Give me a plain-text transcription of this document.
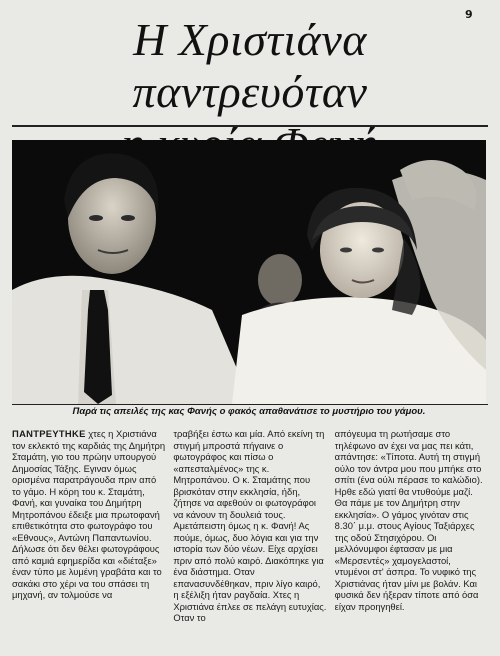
9
Η Χριστιάνα παντρευόταν
Παρά τις απειλές της κας Φανής ο φακός απαθανάτισε το μυστήριο του γάμου.

ΠΑΝΤΡΕΥΤΗΚΕ χτες η Χριστιάνα τον εκλεκτό της καρδιάς της Δημήτρη Σταμάτη, γιο του πρώην υπουργού Δημοσίας Τάξης. Εγιναν όμως ορισμένα παρατράγουδα πριν από το γάμο. Η κόρη του κ. Σταμάτη, Φανή, και γυναίκα του Δημήτρη Μητροπάνου έδειξε μια πρωτοφανή επιθετικότητα στο φωτογράφο του «Εθνους», Αντώνη Παπαντωνίου. Δήλωσε ότι δεν θέλει φωτογράφους από καμιά εφημερίδα και «διέταξε» έναν τύπο με λυμένη γραβάτα και το σακάκι στο χέρι να του σπάσει τη μηχανή, αν τολμούσε να

τραβήξει έστω και μία. Από εκείνη τη στιγμή μπροστά πήγαινε ο φωτογράφος και πίσω ο «απεσταλμένος» της κ. Μητροπάνου. Ο κ. Σταμάτης που βρισκόταν στην εκκλησία, ήδη, ζήτησε να αφεθούν οι φωτογράφοι να κάνουν τη δουλειά τους. Αμετάπειστη όμως η κ. Φανή! Ας πούμε, όμως, δυο λόγια και για την ιστορία των δύο νέων. Είχε αρχίσει πριν από πολύ καιρό. Διακόπηκε για ένα διάστημα. Οταν επανασυνδέθηκαν, πριν λίγο καιρό, η εξέλιξη ήταν ραγδαία. Χτες η Χριστιάνα έπλεε σε πελάγη ευτυχίας. Οταν το

απόγευμα τη ρωτήσαμε στο τηλέφωνο αν έχει να μας πει κάτι, απάντησε: «Τίποτα. Αυτή τη στιγμή ούλο τον άντρα μου που μπήκε στο σπίτι (ένα ούλι πέρασε το καλώδιο). Ηρθε εδώ γιατί θα ντυθούμε μαζί. Θα πάμε με τον Δημήτρη στην εκκλησία». Ο γάμος γινόταν στις 8.30΄ μ.μ. στους Αγίους Ταξιάρχες της οδού Στησιχόρου. Οι μελλόνυμφοι έφτασαν με μια «Μερσεντές» χαμογελαστοί, ντυμένοι στ' άσπρα. Το νυφικό της Χριστιάνας ήταν μίνι με βολάν. Και φυσικά δεν ήξεραν τίποτε από όσα είχαν προηγηθεί.
